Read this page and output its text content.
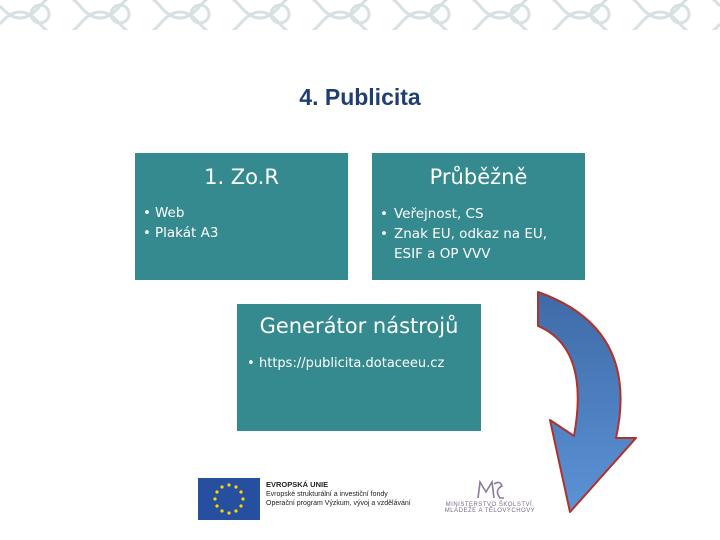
4. Publicita
1. Zo.R
• Web
• Plakát A3
Průběžně
• Veřejnost, CS
• Znak EU, odkaz na EU, ESIF a OP VVV
Generátor nástrojů
• https://publicita.dotaceeu.cz
EVROPSKÁ UNIE
Evropské strukturální a investiční fondy
Operační program Výzkum, vývoj a vzdělávání	MINISTERSTVO ŠKOLSTVÍ, MLÁDEŽE A TĚLOVÝCHOVY
